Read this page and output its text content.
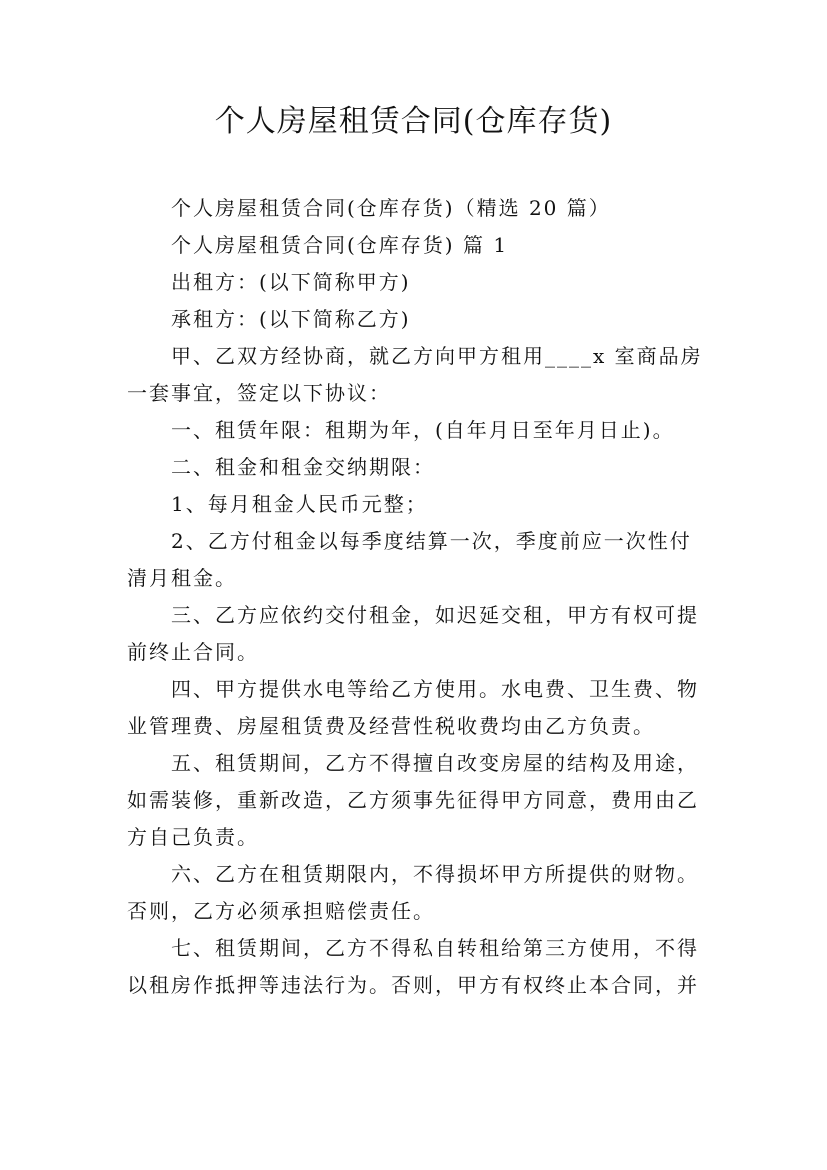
个人房屋租赁合同(仓库存货)
个人房屋租赁合同(仓库存货)（精选 20 篇）
个人房屋租赁合同(仓库存货) 篇 1
出租方：(以下简称甲方)
承租方：(以下简称乙方)
甲、乙双方经协商，就乙方向甲方租用____x 室商品房
一套事宜，签定以下协议：
一、租赁年限：租期为年，(自年月日至年月日止)。
二、租金和租金交纳期限：
1、每月租金人民币元整；
2、乙方付租金以每季度结算一次，季度前应一次性付
清月租金。
三、乙方应依约交付租金，如迟延交租，甲方有权可提
前终止合同。
四、甲方提供水电等给乙方使用。水电费、卫生费、物
业管理费、房屋租赁费及经营性税收费均由乙方负责。
五、租赁期间，乙方不得擅自改变房屋的结构及用途，
如需装修，重新改造，乙方须事先征得甲方同意，费用由乙
方自己负责。
六、乙方在租赁期限内，不得损坏甲方所提供的财物。
否则，乙方必须承担赔偿责任。
七、租赁期间，乙方不得私自转租给第三方使用，不得
以租房作抵押等违法行为。否则，甲方有权终止本合同，并
